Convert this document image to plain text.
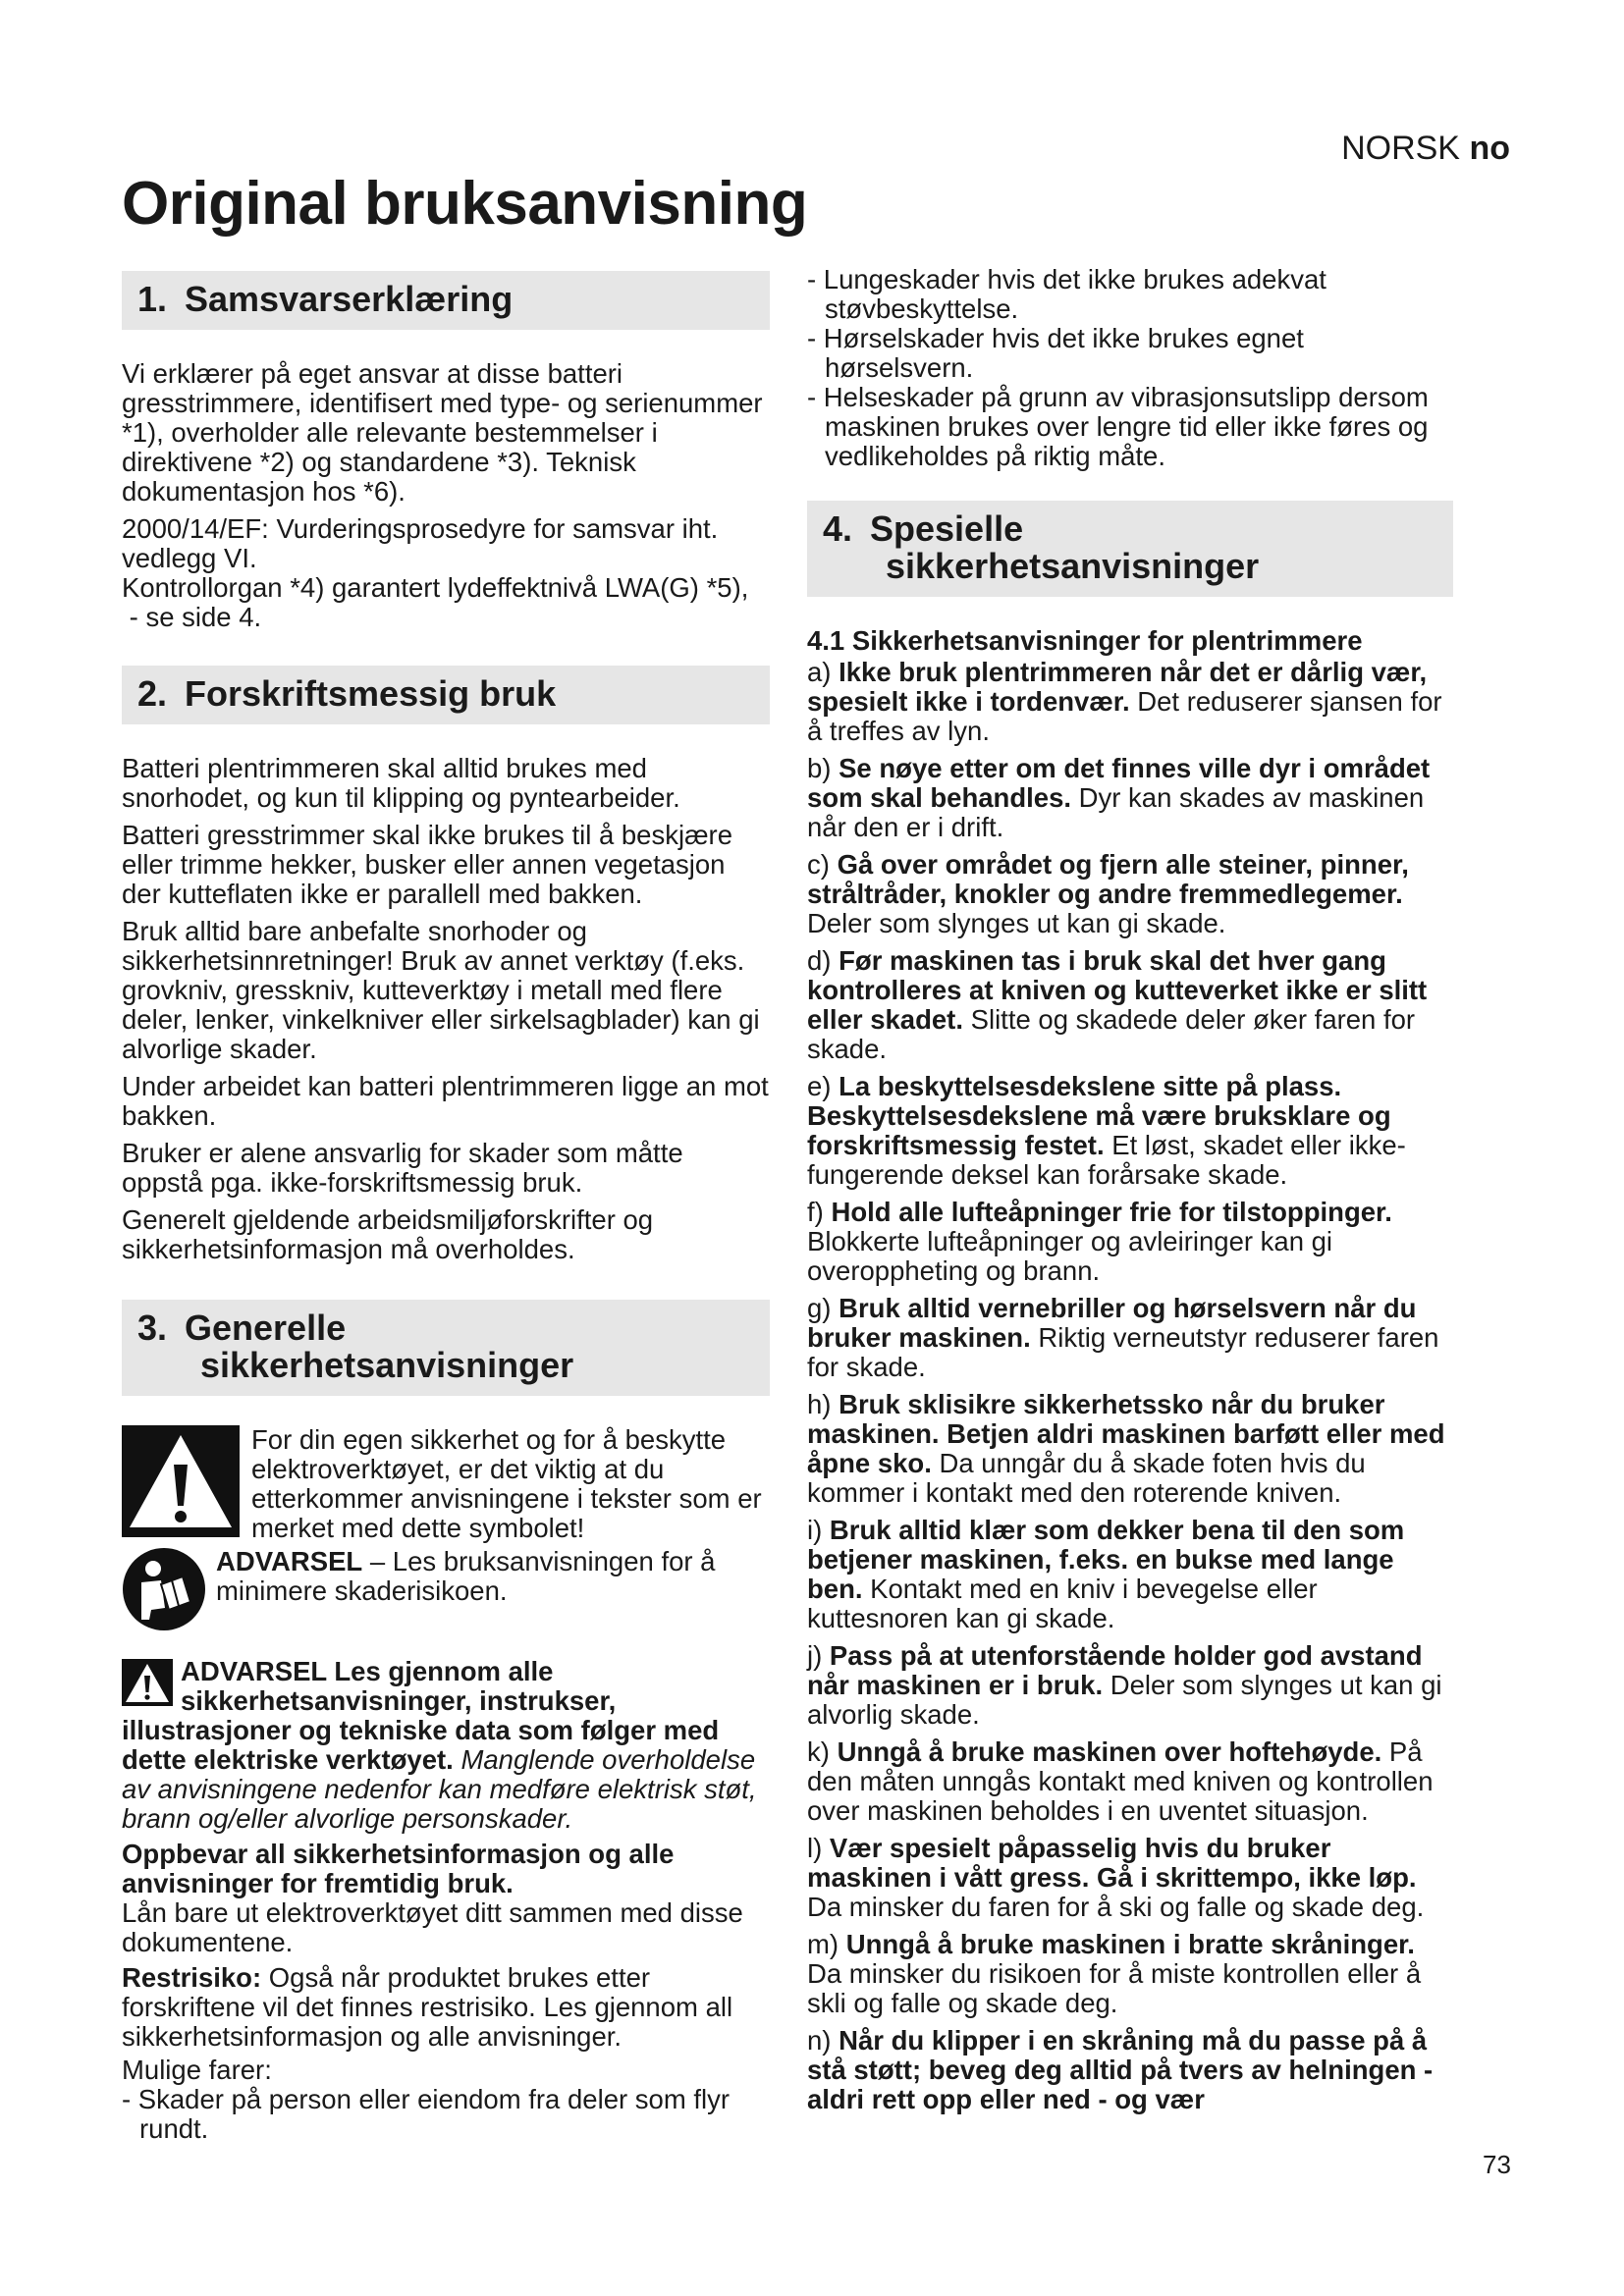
NORSK no
Original bruksanvisning
1. Samsvarserklæring

Vi erklærer på eget ansvar at disse batteri gresstrimmere, identifisert med type- og serienummer *1), overholder alle relevante bestemmelser i direktivene *2) og standardene *3). Teknisk dokumentasjon hos *6).

2000/14/EF: Vurderingsprosedyre for samsvar iht. vedlegg VI.

Kontrollorgan *4) garantert lydeffektnivå LWA(G) *5),

- se side 4.

2. Forskriftsmessig bruk

Batteri plentrimmeren skal alltid brukes med snorhodet, og kun til klipping og pyntearbeider.

Batteri gresstrimmer skal ikke brukes til å beskjære eller trimme hekker, busker eller annen vegetasjon der kutteflaten ikke er parallell med bakken.

Bruk alltid bare anbefalte snorhoder og sikkerhetsinnretninger! Bruk av annet verktøy (f.eks. grovkniv, gresskniv, kutteverktøy i metall med flere deler, lenker, vinkelkniver eller sirkelsagblader) kan gi alvorlige skader.

Under arbeidet kan batteri plentrimmeren ligge an mot bakken.

Bruker er alene ansvarlig for skader som måtte oppstå pga. ikke-forskriftsmessig bruk.

Generelt gjeldende arbeidsmiljøforskrifter og sikkerhetsinformasjon må overholdes.

3. Generelle
sikkerhetsanvisninger

For din egen sikkerhet og for å beskytte elektroverktøyet, er det viktig at du etterkommer anvisningene i tekster som er merket med dette symbolet!

ADVARSEL – Les bruksanvisningen for å minimere skaderisikoen.

ADVARSEL Les gjennom alle sikkerhetsanvisninger, instrukser, illustrasjoner og tekniske data som følger med dette elektriske verktøyet. Manglende overholdelse av anvisningene nedenfor kan medføre elektrisk støt, brann og/eller alvorlige personskader.

Oppbevar all sikkerhetsinformasjon og alle anvisninger for fremtidig bruk.

Lån bare ut elektroverktøyet ditt sammen med disse dokumentene.

Restrisiko: Også når produktet brukes etter forskriftene vil det finnes restrisiko. Les gjennom all sikkerhetsinformasjon og alle anvisninger.

Mulige farer:

- Skader på person eller eiendom fra deler som flyr rundt.

- Lungeskader hvis det ikke brukes adekvat støvbeskyttelse.

- Hørselskader hvis det ikke brukes egnet hørselsvern.

- Helseskader på grunn av vibrasjonsutslipp dersom maskinen brukes over lengre tid eller ikke føres og vedlikeholdes på riktig måte.

4. Spesielle
sikkerhetsanvisninger

4.1 Sikkerhetsanvisninger for plentrimmere

a) Ikke bruk plentrimmeren når det er dårlig vær, spesielt ikke i tordenvær. Det reduserer sjansen for å treffes av lyn.

b) Se nøye etter om det finnes ville dyr i området som skal behandles. Dyr kan skades av maskinen når den er i drift.

c) Gå over området og fjern alle steiner, pinner, stråltråder, knokler og andre fremmedlegemer. Deler som slynges ut kan gi skade.

d) Før maskinen tas i bruk skal det hver gang kontrolleres at kniven og kutteverket ikke er slitt eller skadet. Slitte og skadede deler øker faren for skade.

e) La beskyttelsesdekslene sitte på plass. Beskyttelsesdekslene må være bruksklare og forskriftsmessig festet. Et løst, skadet eller ikke-fungerende deksel kan forårsake skade.

f) Hold alle lufteåpninger frie for tilstoppinger. Blokkerte lufteåpninger og avleiringer kan gi overoppheting og brann.

g) Bruk alltid vernebriller og hørselsvern når du bruker maskinen. Riktig verneutstyr reduserer faren for skade.

h) Bruk sklisikre sikkerhetssko når du bruker maskinen. Betjen aldri maskinen barføtt eller med åpne sko. Da unngår du å skade foten hvis du kommer i kontakt med den roterende kniven.

i) Bruk alltid klær som dekker bena til den som betjener maskinen, f.eks. en bukse med lange ben. Kontakt med en kniv i bevegelse eller kuttesnoren kan gi skade.

j) Pass på at utenforstående holder god avstand når maskinen er i bruk. Deler som slynges ut kan gi alvorlig skade.

k) Unngå å bruke maskinen over hoftehøyde. På den måten unngås kontakt med kniven og kontrollen over maskinen beholdes i en uventet situasjon.

l) Vær spesielt påpasselig hvis du bruker maskinen i vått gress. Gå i skrittempo, ikke løp. Da minsker du faren for å ski og falle og skade deg.

m) Unngå å bruke maskinen i bratte skråninger. Da minsker du risikoen for å miste kontrollen eller å skli og falle og skade deg.

n) Når du klipper i en skråning må du passe på å stå støtt; beveg deg alltid på tvers av helningen - aldri rett opp eller ned - og vær

73
